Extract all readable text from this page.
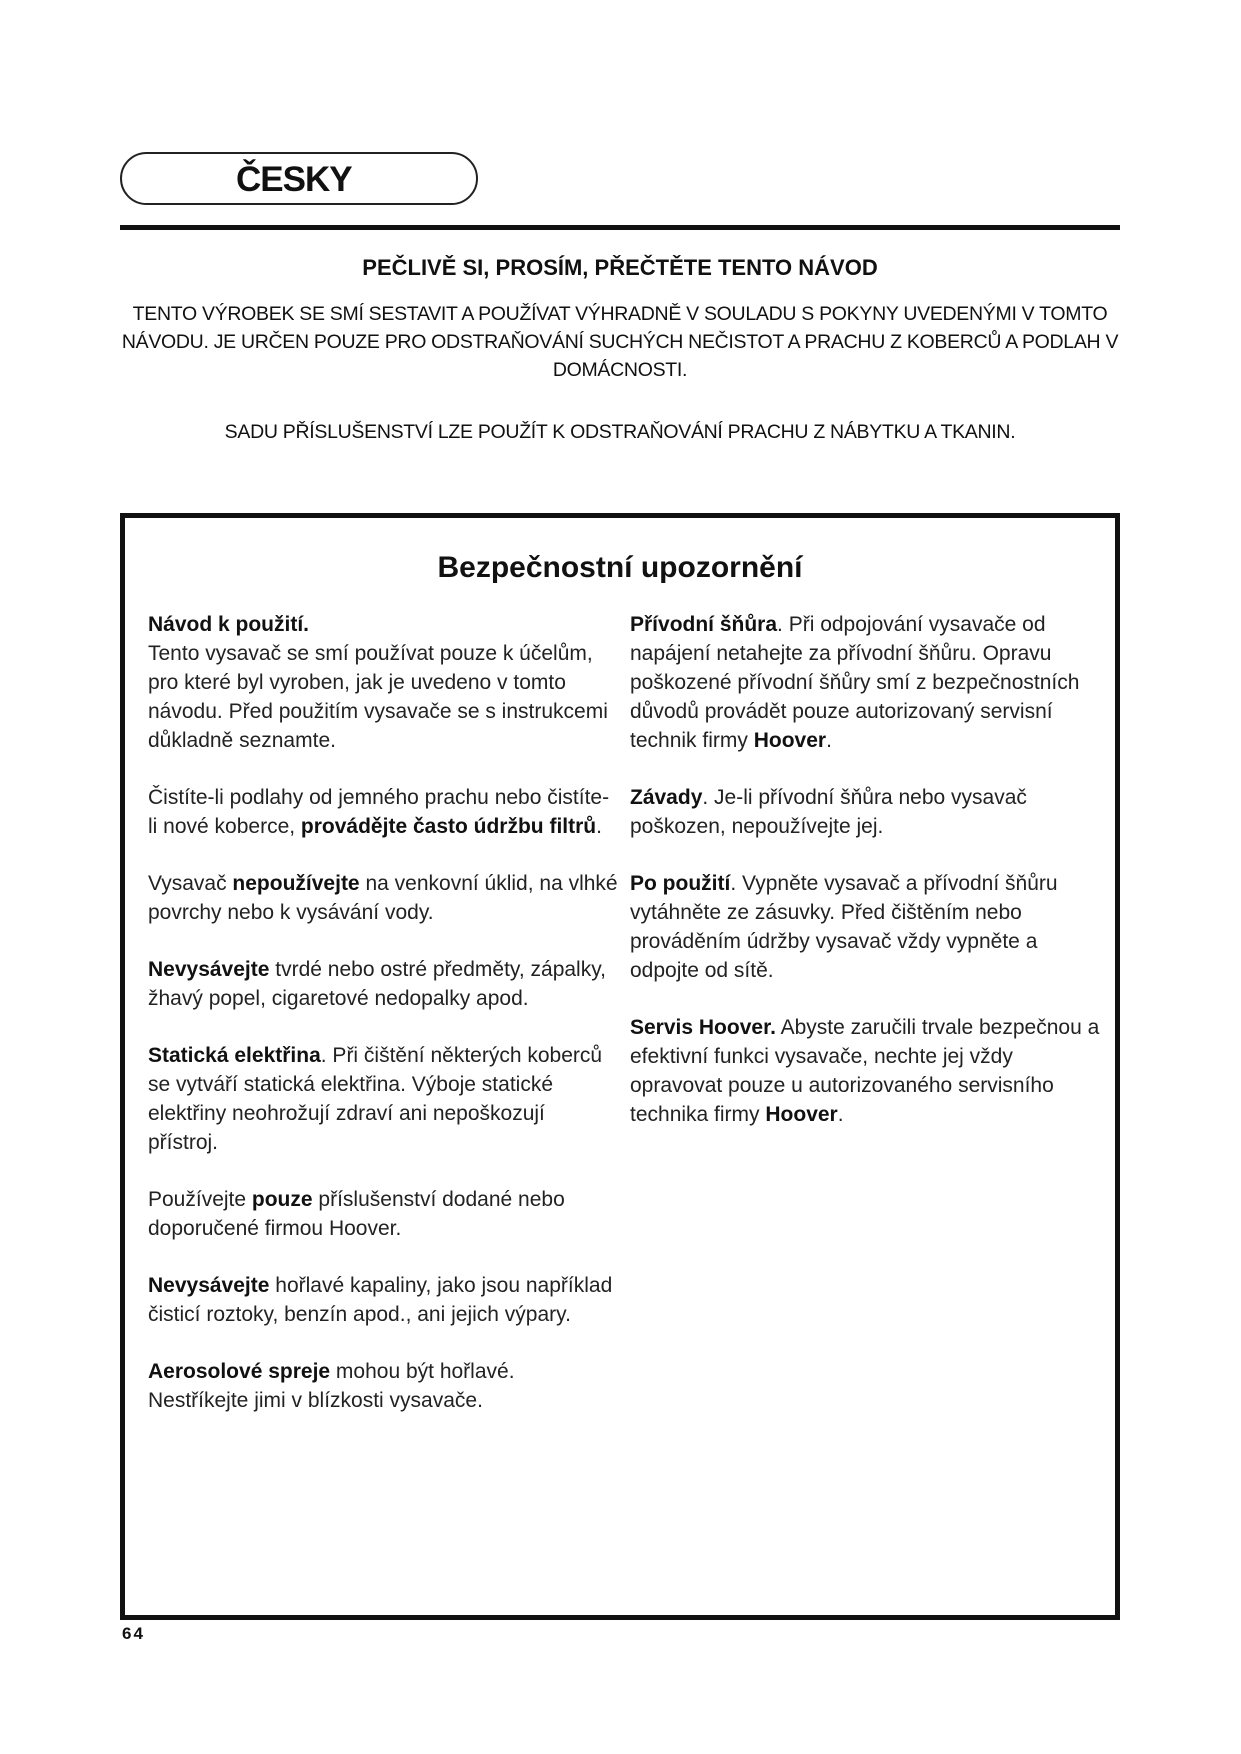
ČESKY
PEČLIVĚ SI, PROSÍM, PŘEČTĚTE TENTO NÁVOD
TENTO VÝROBEK SE SMÍ SESTAVIT A POUŽÍVAT VÝHRADNĚ V SOULADU S POKYNY UVEDENÝMI V TOMTO NÁVODU. JE URČEN POUZE PRO ODSTRAŇOVÁNÍ SUCHÝCH NEČISTOT A PRACHU Z KOBERCŮ A PODLAH V DOMÁCNOSTI.
SADU PŘÍSLUŠENSTVÍ LZE POUŽÍT K ODSTRAŇOVÁNÍ PRACHU Z NÁBYTKU A TKANIN.
Bezpečnostní upozornění

Návod k použití.
Tento vysavač se smí používat pouze k účelům, pro které byl vyroben, jak je uvedeno v tomto návodu. Před použitím vysavače se s instrukcemi důkladně seznamte.

Čistíte-li podlahy od jemného prachu nebo čistíte-li nové koberce, provádějte často údržbu filtrů.

Vysavač nepoužívejte na venkovní úklid, na vlhké povrchy nebo k vysávání vody.

Nevysávejte tvrdé nebo ostré předměty, zápalky, žhavý popel, cigaretové nedopalky apod.

Statická elektřina. Při čištění některých koberců se vytváří statická elektřina. Výboje statické elektřiny neohrožují zdraví ani nepoškozují přístroj.

Používejte pouze příslušenství dodané nebo doporučené firmou Hoover.

Nevysávejte hořlavé kapaliny, jako jsou například čisticí roztoky, benzín apod., ani jejich výpary.

Aerosolové spreje mohou být hořlavé. Nestříkejte jimi v blízkosti vysavače.

Přívodní šňůra. Při odpojování vysavače od napájení netahejte za přívodní šňůru. Opravu poškozené přívodní šňůry smí z bezpečnostních důvodů provádět pouze autorizovaný servisní technik firmy Hoover.

Závady. Je-li přívodní šňůra nebo vysavač poškozen, nepoužívejte jej.

Po použití. Vypněte vysavač a přívodní šňůru vytáhněte ze zásuvky. Před čištěním nebo prováděním údržby vysavač vždy vypněte a odpojte od sítě.

Servis Hoover. Abyste zaručili trvale bezpečnou a efektivní funkci vysavače, nechte jej vždy opravovat pouze u autorizovaného servisního technika firmy Hoover.

64
